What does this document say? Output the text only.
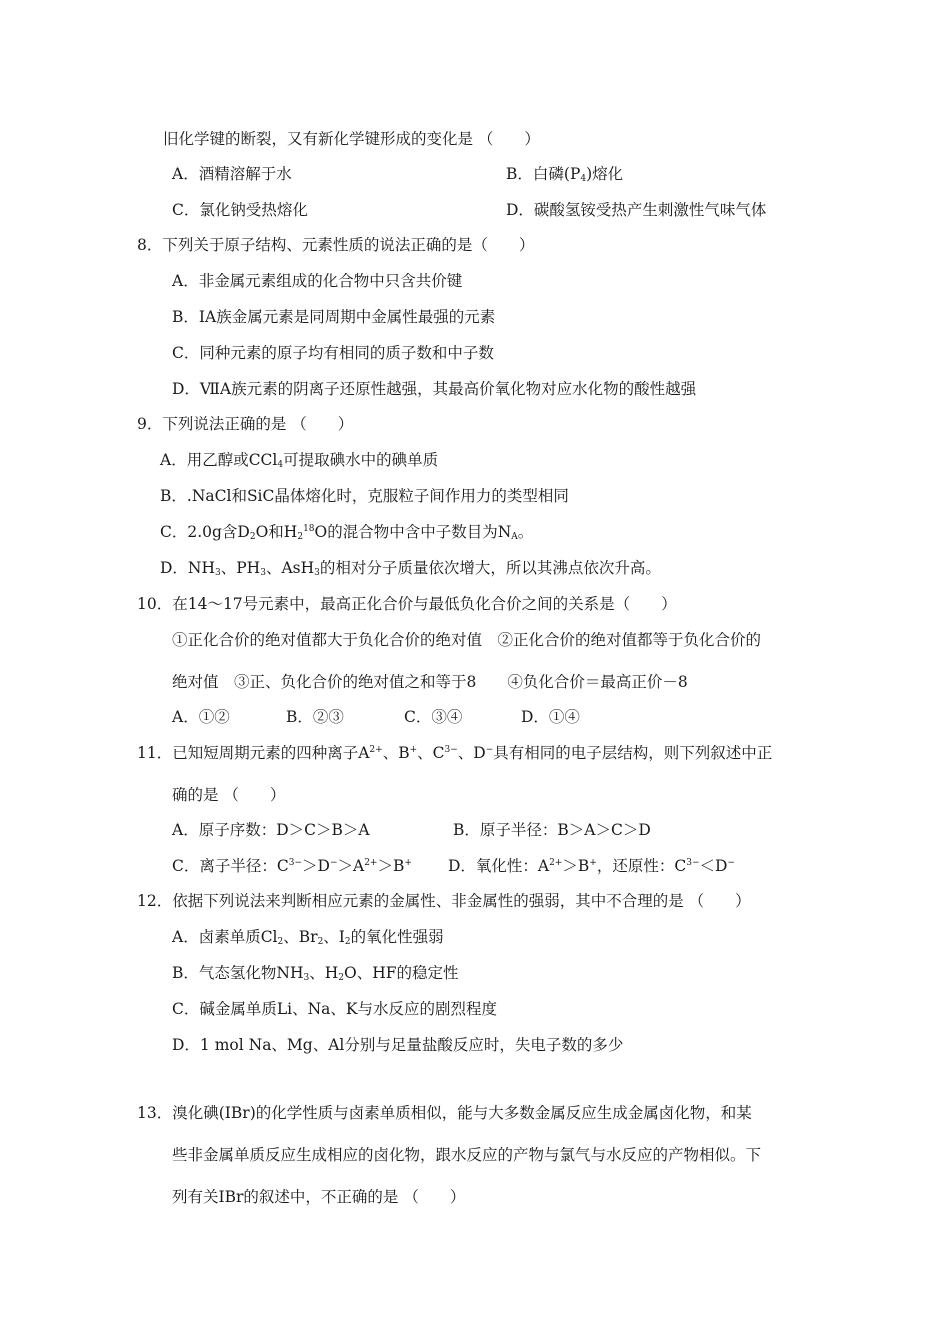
旧化学键的断裂，又有新化学键形成的变化是 （　　）
A．酒精溶解于水	B．白磷$(P_4)$熔化
C．氯化钠受热熔化	D．碳酸氢铵受热产生刺激性气味气体
8．下列关于原子结构、元素性质的说法正确的是（　　）
A．非金属元素组成的化合物中只含共价键
B．ⅠA族金属元素是同周期中金属性最强的元素
C．同种元素的原子均有相同的质子数和中子数
D．ⅦA族元素的阴离子还原性越强，其最高价氧化物对应水化物的酸性越强
9．下列说法正确的是 （　　）
A．用乙醇或CCl$_4$可提取碘水中的碘单质
B．.NaCl和SiC晶体熔化时，克服粒子间作用力的类型相同
C．2.0g含$D_2O$和$H_2^{18}O$的混合物中含中子数目为$N_A$。
D．$NH_3$、$PH_3$、AsH$_3$的相对分子质量依次增大，所以其沸点依次升高。
10．在14～17号元素中，最高正化合价与最低负化合价之间的关系是（　　）
①正化合价的绝对值都大于负化合价的绝对值　②正化合价的绝对值都等于负化合价的
绝对值　③正、负化合价的绝对值之和等于8　　④负化合价＝最高正价－8
A．①②	B．②③	C．③④	D．①④
11．已知短周期元素的四种离子$A^{2+}$、B+、$C^{3-}$、D−具有相同的电子层结构，则下列叙述中正
确的是 （　　）
A．原子序数：D＞C＞B＞A	B．原子半径：B＞A＞C＞D
C．离子半径：$C^{3-}>D^->A^{2+}>B^+$ D．氧化性：$A^{2+}>B^+$，还原性：$C^{3-}<D^-$
12．依据下列说法来判断相应元素的金属性、非金属性的强弱，其中不合理的是 （　　）
A．卤素单质$Cl_2$、$Br_2$、$I_2$的氧化性强弱
B．气态氢化物$NH_3$、$H_2O$、HF的稳定性
C．碱金属单质Li、Na、K与水反应的剧烈程度
D．1 mol Na、Mg、Al分别与足量盐酸反应时，失电子数的多少
13．溴化碘(IBr)的化学性质与卤素单质相似，能与大多数金属反应生成金属卤化物，和某
些非金属单质反应生成相应的卤化物，跟水反应的产物与氯气与水反应的产物相似。下
列有关IBr的叙述中，不正确的是 （　　）
